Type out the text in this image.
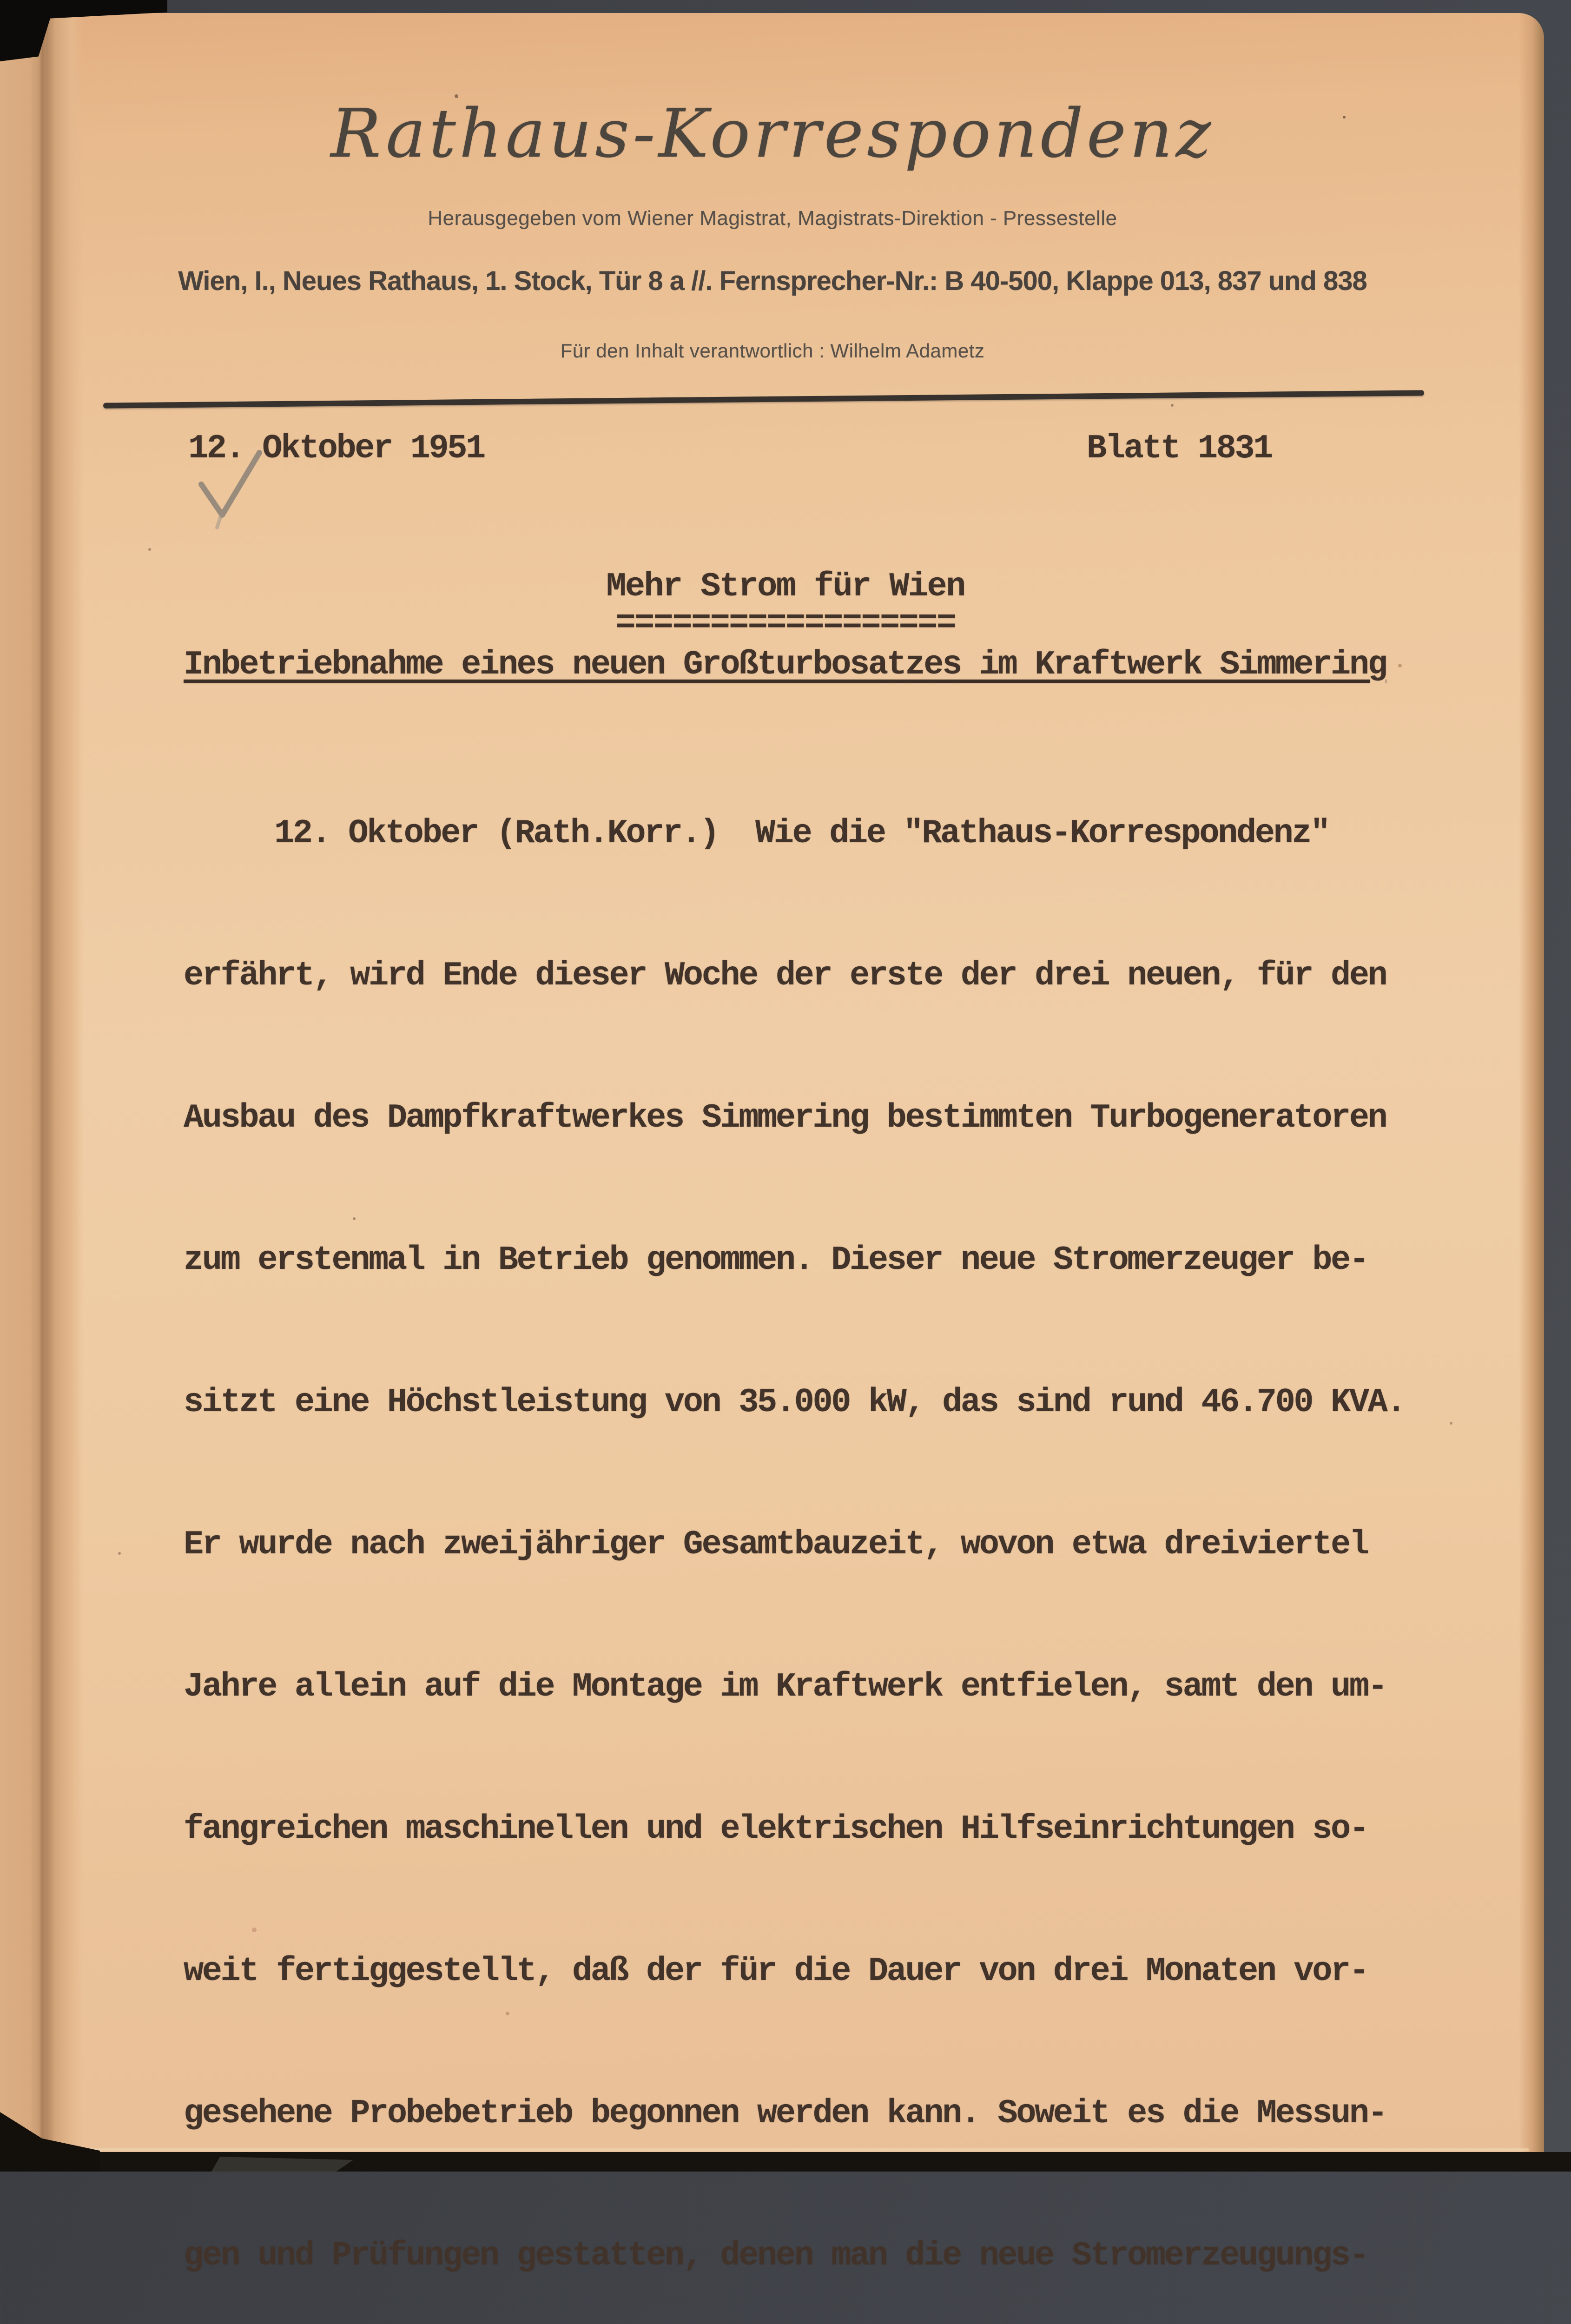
Rathaus-Korrespondenz
Herausgegeben vom Wiener Magistrat, Magistrats-Direktion - Pressestelle
Wien, I., Neues Rathaus, 1. Stock, Tür 8 a //. Fernsprecher-Nr.: B 40-500, Klappe 013, 837 und 838
Für den Inhalt verantwortlich : Wilhelm Adametz
12. Oktober 1951	Blatt 1831
Mehr Strom für Wien
==================
Inbetriebnahme eines neuen Großturbosatzes im Kraftwerk Simmering

12. Oktober (Rath.Korr.)  Wie die "Rathaus-Korrespondenz"

erfährt, wird Ende dieser Woche der erste der drei neuen, für den

Ausbau des Dampfkraftwerkes Simmering bestimmten Turbogeneratoren

zum erstenmal in Betrieb genommen. Dieser neue Stromerzeuger be-

sitzt eine Höchstleistung von 35.000 kW, das sind rund 46.700 KVA.

Er wurde nach zweijähriger Gesamtbauzeit, wovon etwa dreiviertel

Jahre allein auf die Montage im Kraftwerk entfielen, samt den um-

fangreichen maschinellen und elektrischen Hilfseinrichtungen so-

weit fertiggestellt, daß der für die Dauer von drei Monaten vor-

gesehene Probebetrieb begonnen werden kann. Soweit es die Messun-

gen und Prüfungen gestatten, denen man die neue Stromerzeugungs-
